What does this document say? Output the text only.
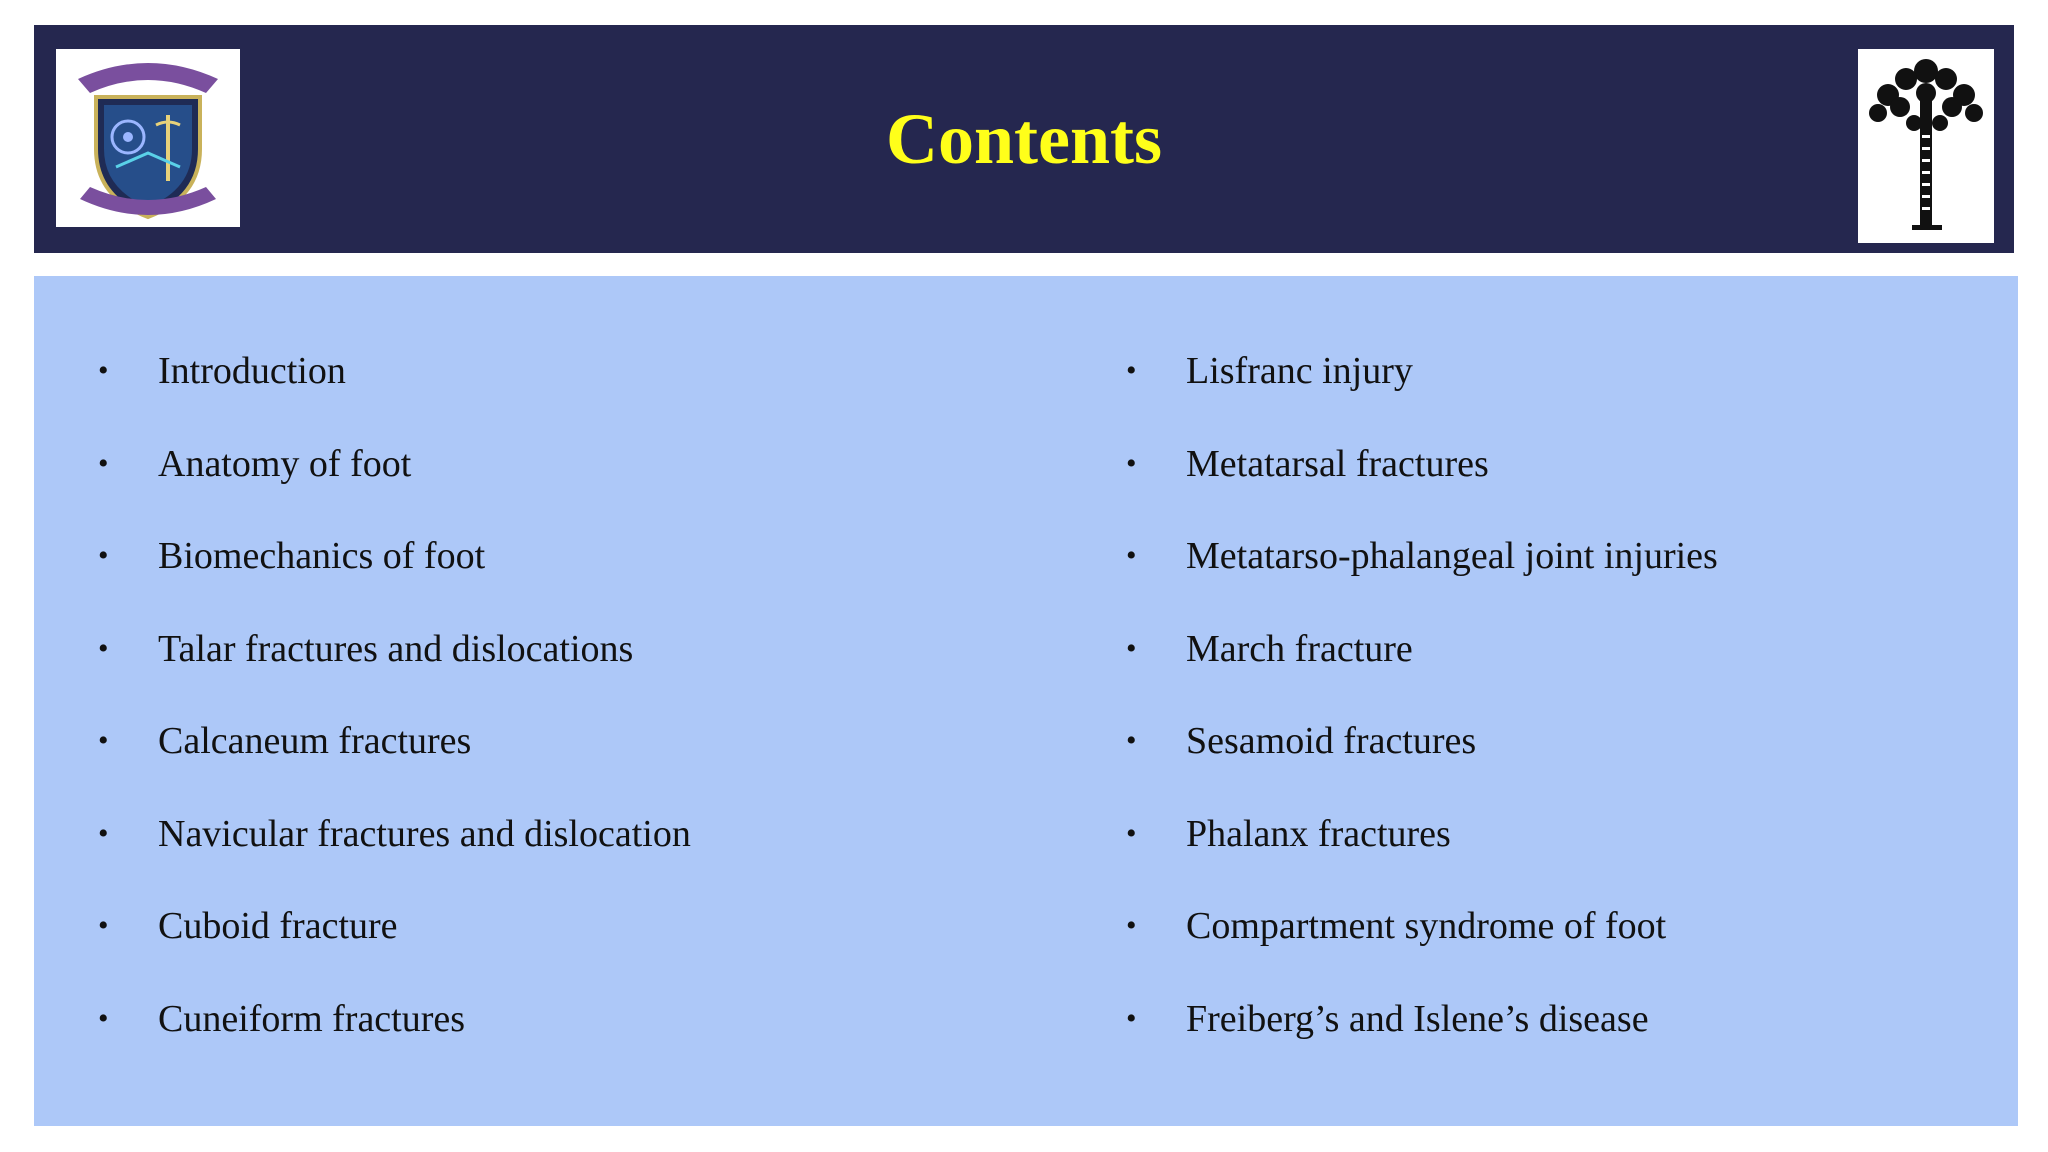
Contents
•	Introduction
•	Anatomy of foot
•	Biomechanics of foot
•	Talar fractures and dislocations
•	Calcaneum fractures
•	Navicular fractures and dislocation
•	Cuboid fracture
•	Cuneiform fractures
•	Lisfranc injury
•	Metatarsal fractures
•	Metatarso-phalangeal joint injuries
•	March fracture
•	Sesamoid fractures
•	Phalanx fractures
•	Compartment syndrome of foot
•	Freiberg’s and Islene’s disease
